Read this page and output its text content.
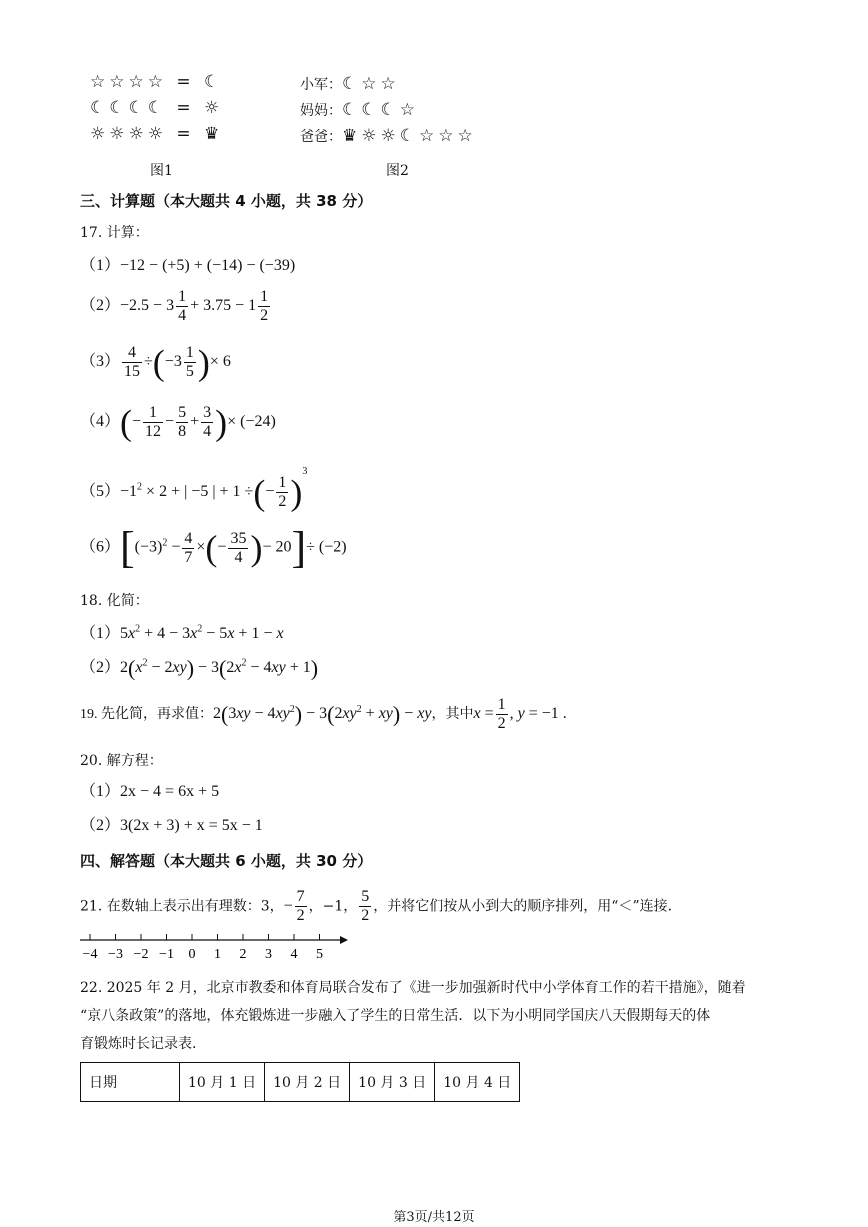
☆☆☆☆ = ☾
☾☾☾☾ = ☼
☼☼☼☼ = ♛
图1
小军：☾☆☆
妈妈：☾☾☾☆
爸爸：♛☼☼☾☆☆☆
图2
三、计算题（本大题共 4 小题，共 38 分）
17. 计算：
（1）−12 − (+5) + (−14) − (−39)
$(2)-2.5 - 3 \frac{1}{4} + 3.75 - 1 \frac{1}{2}$
$(3) \frac{4}{15} \div(-3 \frac{1}{5}$ )× 6
$(4)(- \frac{1}{12} - \frac{5}{8} + \frac{3}{4}$ )× (−24)
$(5)-1^2 \times 2$ + | −5 | + 1 ÷(− $\frac{1}{2} )^3$
$(6)[(-3)^2 - \frac{4}{7}$ ×(− $\frac{35}{4}$ )− 20]÷ (−2)
18. 化简：
$(1)5x^2 + 4 - 3x^2 - 5x + 1 - x$
$(2)2(x^2 - 2xy) - 3(2x^2 - 4xy + 1)$
19. 先化简，再求值：$2(3xy - 4xy^2) - 3(2xy^2 + xy)$ − xy，其中$x = \frac{1}{2}$ , y = −1 .
20. 解方程：
（1）2x − 4 = 6x + 5
（2）3(2x + 3) + x = 5x − 1
四、解答题（本大题共 6 小题，共 30 分）
21. 在数轴上表示出有理数：3，− $\frac{7}{2}$ ，−1， $\frac{5}{2}$ ，并将它们按从小到大的顺序排列，用“＜”连接.
−4 −3 −2 −1 0 1 2 3 4 5
22. 2025 年 2 月，北京市教委和体育局联合发布了《进一步加强新时代中小学体育工作的若干措施》，随着
“京八条政策”的落地，体充锻炼进一步融入了学生的日常生活．以下为小明同学国庆八天假期每天的体
育锻炼时长记录表.
日期	10 月 1 日	10 月 2 日	10 月 3 日	10 月 4 日
第3页/共12页
